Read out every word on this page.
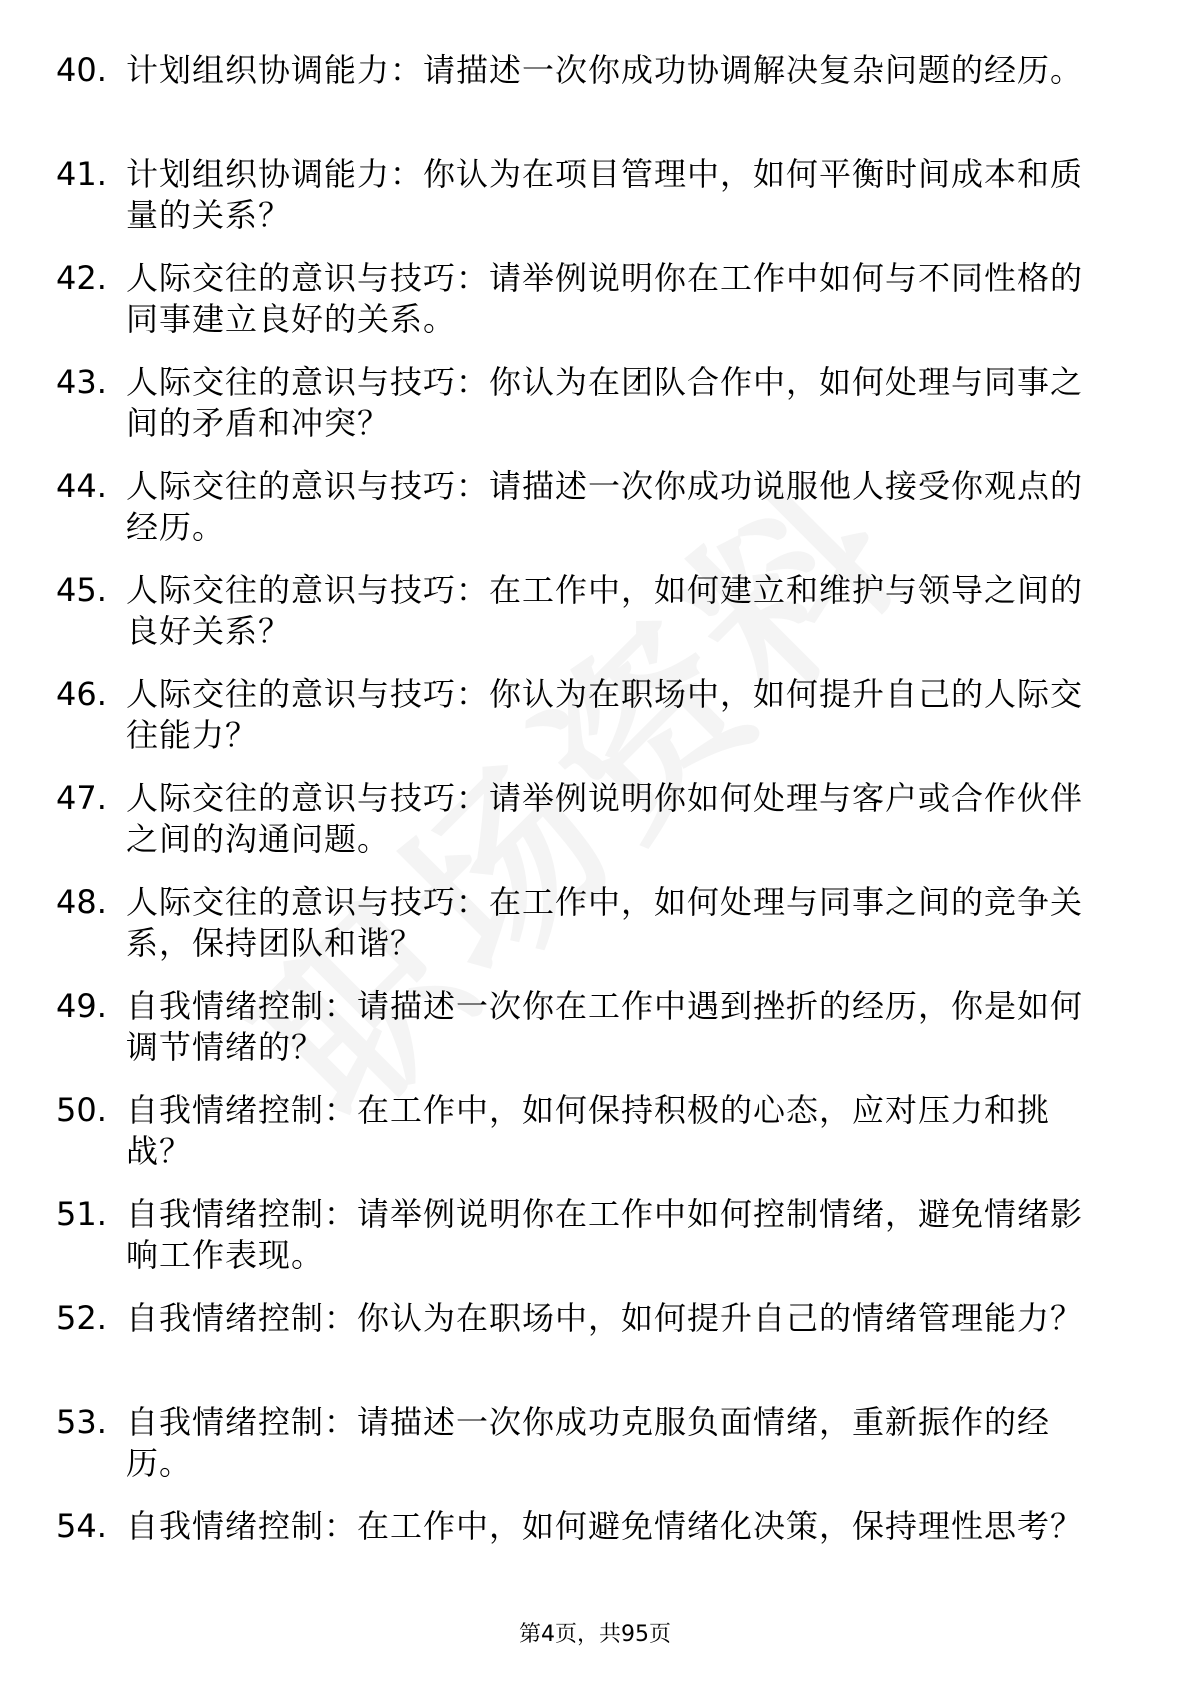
40. 计划组织协调能力：请描述一次你成功协调解决复杂问题的经历。
41. 计划组织协调能力：你认为在项目管理中，如何平衡时间成本和质量的关系？
42. 人际交往的意识与技巧：请举例说明你在工作中如何与不同性格的同事建立良好的关系。
43. 人际交往的意识与技巧：你认为在团队合作中，如何处理与同事之间的矛盾和冲突？
44. 人际交往的意识与技巧：请描述一次你成功说服他人接受你观点的经历。
45. 人际交往的意识与技巧：在工作中，如何建立和维护与领导之间的良好关系？
46. 人际交往的意识与技巧：你认为在职场中，如何提升自己的人际交往能力？
47. 人际交往的意识与技巧：请举例说明你如何处理与客户或合作伙伴之间的沟通问题。
48. 人际交往的意识与技巧：在工作中，如何处理与同事之间的竞争关系，保持团队和谐？
49. 自我情绪控制：请描述一次你在工作中遇到挫折的经历，你是如何调节情绪的？
50. 自我情绪控制：在工作中，如何保持积极的心态，应对压力和挑战？
51. 自我情绪控制：请举例说明你在工作中如何控制情绪，避免情绪影响工作表现。
52. 自我情绪控制：你认为在职场中，如何提升自己的情绪管理能力？
53. 自我情绪控制：请描述一次你成功克服负面情绪，重新振作的经历。
54. 自我情绪控制：在工作中，如何避免情绪化决策，保持理性思考？
第4页，共95页
